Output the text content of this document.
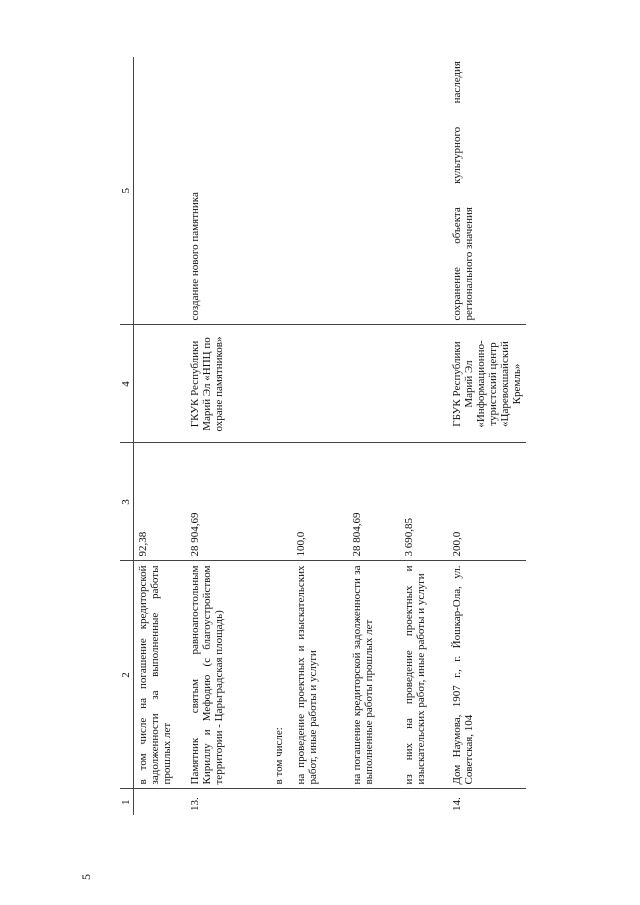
5
1	2	3	4	5
	в том числе на погашение кредиторской задолженности за выполненные работы прошлых лет	92,38		
13.	Памятник святым равноапостольным Кириллу и Мефодию (с благоустройством территории - Царьградская площадь)	28 904,69	ГКУК Республики Марий Эл «НПЦ по охране памятников»	создание нового памятника
	в том числе:			
	на проведение проектных и изыскательских работ, иные работы и услуги	100,0		
	на погашение кредиторской задолженности за выполненные работы прошлых лет	28 804,69		
	из них на проведение проектных и изыскательских работ, иные работы и услуги	3 690,85		
14.	Дом Наумова, 1907 г., г. Йошкар-Ола, ул. Советская, 104	200,0	ГБУК Республики Марий Эл «Информационно-туристский центр «Царевокшайский Кремль»	сохранение объекта культурного наследия регионального значения
